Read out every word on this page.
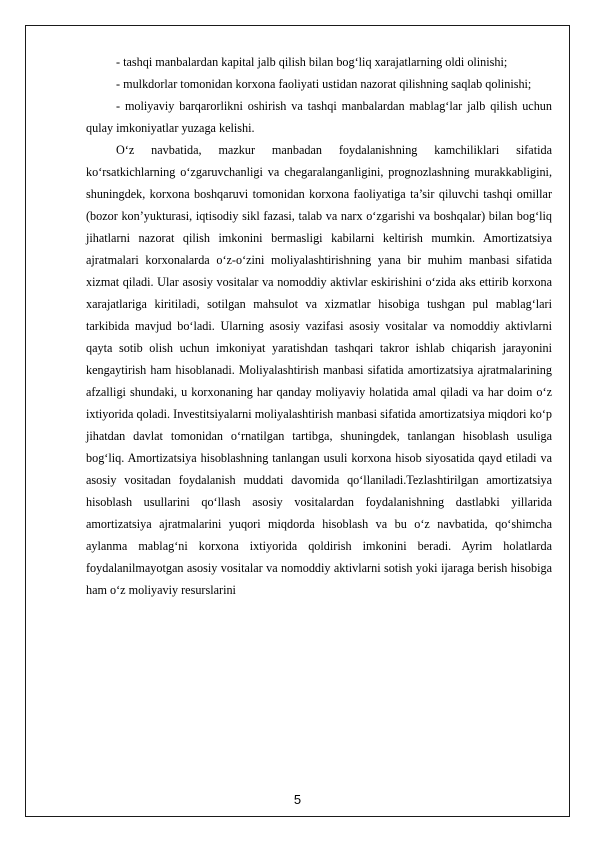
- tashqi manbalardan kapital jalb qilish bilan bog‘liq xarajatlarning oldi olinishi;

- mulkdorlar tomonidan korxona faoliyati ustidan nazorat qilishning saqlab qolinishi;

- moliyaviy barqarorlikni oshirish va tashqi manbalardan mablag‘lar jalb qilish uchun qulay imkoniyatlar yuzaga kelishi.

O‘z navbatida, mazkur manbadan foydalanishning kamchiliklari sifatida ko‘rsatkichlarning o‘zgaruvchanligi va chegaralanganligini, prognozlashning murakkabligini, shuningdek, korxona boshqaruvi tomonidan korxona faoliyatiga ta’sir qiluvchi tashqi omillar (bozor kon’yukturasi, iqtisodiy sikl fazasi, talab va narx o‘zgarishi va boshqalar) bilan bog‘liq jihatlarni nazorat qilish imkonini bermasligi kabilarni keltirish mumkin. Amortizatsiya ajratmalari korxonalarda o‘z-o‘zini moliyalashtirishning yana bir muhim manbasi sifatida xizmat qiladi. Ular asosiy vositalar va nomoddiy aktivlar eskirishini o‘zida aks ettirib korxona xarajatlariga kiritiladi, sotilgan mahsulot va xizmatlar hisobiga tushgan pul mablag‘lari tarkibida mavjud bo‘ladi. Ularning asosiy vazifasi asosiy vositalar va nomoddiy aktivlarni qayta sotib olish uchun imkoniyat yaratishdan tashqari takror ishlab chiqarish jarayonini kengaytirish ham hisoblanadi. Moliyalashtirish manbasi sifatida amortizatsiya ajratmalarining afzalligi shundaki, u korxonaning har qanday moliyaviy holatida amal qiladi va har doim o‘z ixtiyorida qoladi. Investitsiyalarni moliyalashtirish manbasi sifatida amortizatsiya miqdori ko‘p jihatdan davlat tomonidan o‘rnatilgan tartibga, shuningdek, tanlangan hisoblash usuliga bog‘liq. Amortizatsiya hisoblashning tanlangan usuli korxona hisob siyosatida qayd etiladi va asosiy vositadan foydalanish muddati davomida qo‘llaniladi.Tezlashtirilgan amortizatsiya hisoblash usullarini qo‘llash asosiy vositalardan foydalanishning dastlabki yillarida amortizatsiya ajratmalarini yuqori miqdorda hisoblash va bu o‘z navbatida, qo‘shimcha aylanma mablag‘ni korxona ixtiyorida qoldirish imkonini beradi. Ayrim holatlarda foydalanilmayotgan asosiy vositalar va nomoddiy aktivlarni sotish yoki ijaraga berish hisobiga ham o‘z moliyaviy resurslarini

5
